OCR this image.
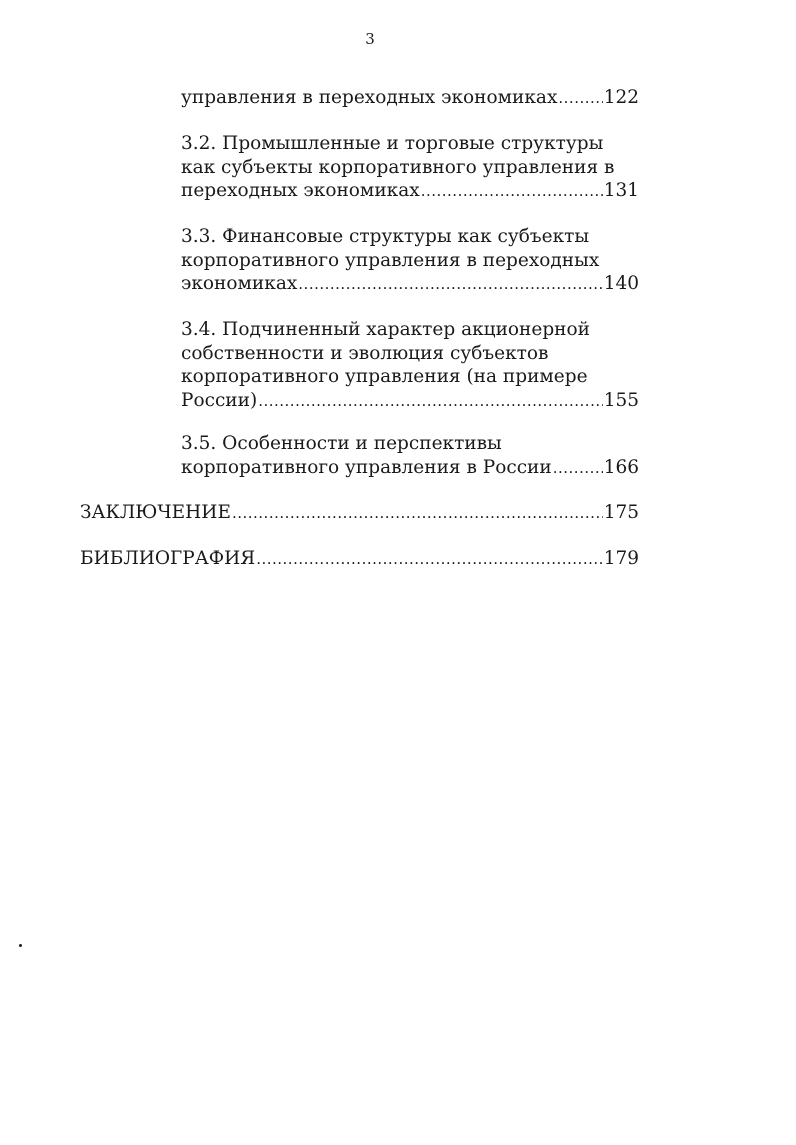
3
управления в переходных экономиках .....	122
3.2. Промышленные и торговые структуры
как субъекты корпоративного управления в
переходных экономиках .....	131
3.3. Финансовые структуры как субъекты
корпоративного управления в переходных
экономиках .....	140
3.4. Подчиненный характер акционерной
собственности и эволюция субъектов
корпоративного управления (на примере
России) .....	155
3.5. Особенности и перспективы
корпоративного управления в России .....	166
ЗАКЛЮЧЕНИЕ .....	175
БИБЛИОГРАФИЯ .....	179
